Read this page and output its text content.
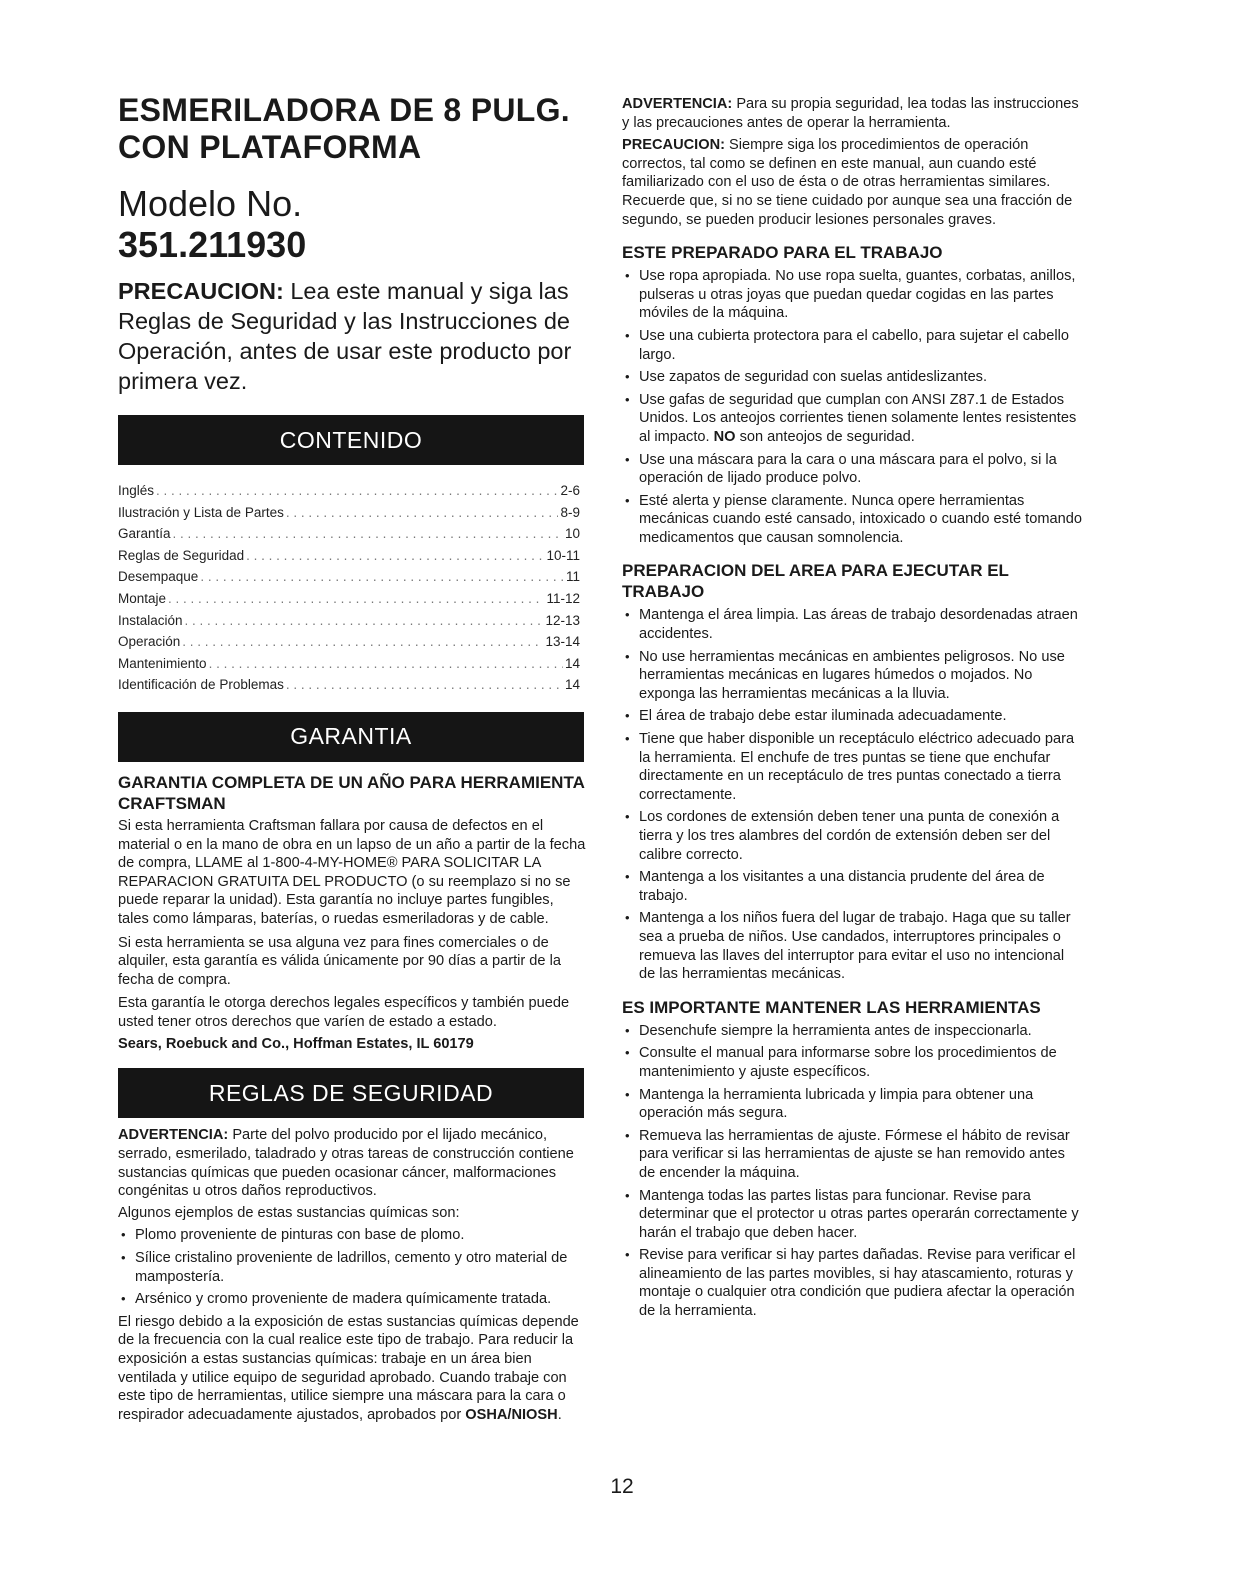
ESMERILADORA DE 8 PULG.
CON PLATAFORMA
Modelo No.
351.211930

PRECAUCION: Lea este manual y siga las Reglas de Seguridad y las Instrucciones de Operación, antes de usar este producto por primera vez.

CONTENIDO
Inglés . . .	2-6
Ilustración y Lista de Partes . . .	8-9
Garantía . . .	10
Reglas de Seguridad . . .	10-11
Desempaque . . .	11
Montaje . . .	11-12
Instalación . . .	12-13
Operación . . .	13-14
Mantenimiento . . .	14
Identificación de Problemas . . .	14
GARANTIA
GARANTIA COMPLETA DE UN AÑO PARA HERRAMIENTA CRAFTSMAN

Si esta herramienta Craftsman fallara por causa de defectos en el material o en la mano de obra en un lapso de un año a partir de la fecha de compra, LLAME al 1-800-4-MY-HOME® PARA SOLICITAR LA REPARACION GRATUITA DEL PRODUCTO (o su reemplazo si no se puede reparar la unidad). Esta garantía no incluye partes fungibles, tales como lámparas, baterías, o ruedas esmeriladoras y de cable.

Si esta herramienta se usa alguna vez para fines comerciales o de alquiler, esta garantía es válida únicamente por 90 días a partir de la fecha de compra.

Esta garantía le otorga derechos legales específicos y también puede usted tener otros derechos que varíen de estado a estado.

Sears, Roebuck and Co., Hoffman Estates, IL 60179
REGLAS DE SEGURIDAD

ADVERTENCIA: Parte del polvo producido por el lijado mecánico, serrado, esmerilado, taladrado y otras tareas de construcción contiene sustancias químicas que pueden ocasionar cáncer, malformaciones congénitas u otros daños reproductivos.

Algunos ejemplos de estas sustancias químicas son:

• Plomo proveniente de pinturas con base de plomo.
• Sílice cristalino proveniente de ladrillos, cemento y otro material de mampostería.
• Arsénico y cromo proveniente de madera químicamente tratada.

El riesgo debido a la exposición de estas sustancias químicas depende de la frecuencia con la cual realice este tipo de trabajo. Para reducir la exposición a estas sustancias químicas: trabaje en un área bien ventilada y utilice equipo de seguridad aprobado. Cuando trabaje con este tipo de herramientas, utilice siempre una máscara para la cara o respirador adecuadamente ajustados, aprobados por OSHA/NIOSH.

ADVERTENCIA: Para su propia seguridad, lea todas las instrucciones y las precauciones antes de operar la herramienta.

PRECAUCION: Siempre siga los procedimientos de operación correctos, tal como se definen en este manual, aun cuando esté familiarizado con el uso de ésta o de otras herramientas similares. Recuerde que, si no se tiene cuidado por aunque sea una fracción de segundo, se pueden producir lesiones personales graves.

ESTE PREPARADO PARA EL TRABAJO
• Use ropa apropiada. No use ropa suelta, guantes, corbatas, anillos, pulseras u otras joyas que puedan quedar cogidas en las partes móviles de la máquina.
• Use una cubierta protectora para el cabello, para sujetar el cabello largo.
• Use zapatos de seguridad con suelas antideslizantes.
• Use gafas de seguridad que cumplan con ANSI Z87.1 de Estados Unidos. Los anteojos corrientes tienen solamente lentes resistentes al impacto. NO son anteojos de seguridad.
• Use una máscara para la cara o una máscara para el polvo, si la operación de lijado produce polvo.
• Esté alerta y piense claramente. Nunca opere herramientas mecánicas cuando esté cansado, intoxicado o cuando esté tomando medicamentos que causan somnolencia.
PREPARACION DEL AREA PARA EJECUTAR EL TRABAJO
• Mantenga el área limpia. Las áreas de trabajo desordenadas atraen accidentes.
• No use herramientas mecánicas en ambientes peligrosos. No use herramientas mecánicas en lugares húmedos o mojados. No exponga las herramientas mecánicas a la lluvia.
• El área de trabajo debe estar iluminada adecuadamente.
• Tiene que haber disponible un receptáculo eléctrico adecuado para la herramienta. El enchufe de tres puntas se tiene que enchufar directamente en un receptáculo de tres puntas conectado a tierra correctamente.
• Los cordones de extensión deben tener una punta de conexión a tierra y los tres alambres del cordón de extensión deben ser del calibre correcto.
• Mantenga a los visitantes a una distancia prudente del área de trabajo.
• Mantenga a los niños fuera del lugar de trabajo. Haga que su taller sea a prueba de niños. Use candados, interruptores principales o remueva las llaves del interruptor para evitar el uso no intencional de las herramientas mecánicas.
ES IMPORTANTE MANTENER LAS HERRAMIENTAS
• Desenchufe siempre la herramienta antes de inspeccionarla.
• Consulte el manual para informarse sobre los procedimientos de mantenimiento y ajuste específicos.
• Mantenga la herramienta lubricada y limpia para obtener una operación más segura.
• Remueva las herramientas de ajuste. Fórmese el hábito de revisar para verificar si las herramientas de ajuste se han removido antes de encender la máquina.
• Mantenga todas las partes listas para funcionar. Revise para determinar que el protector u otras partes operarán correctamente y harán el trabajo que deben hacer.
• Revise para verificar si hay partes dañadas. Revise para verificar el alineamiento de las partes movibles, si hay atascamiento, roturas y montaje o cualquier otra condición que pudiera afectar la operación de la herramienta.
12
